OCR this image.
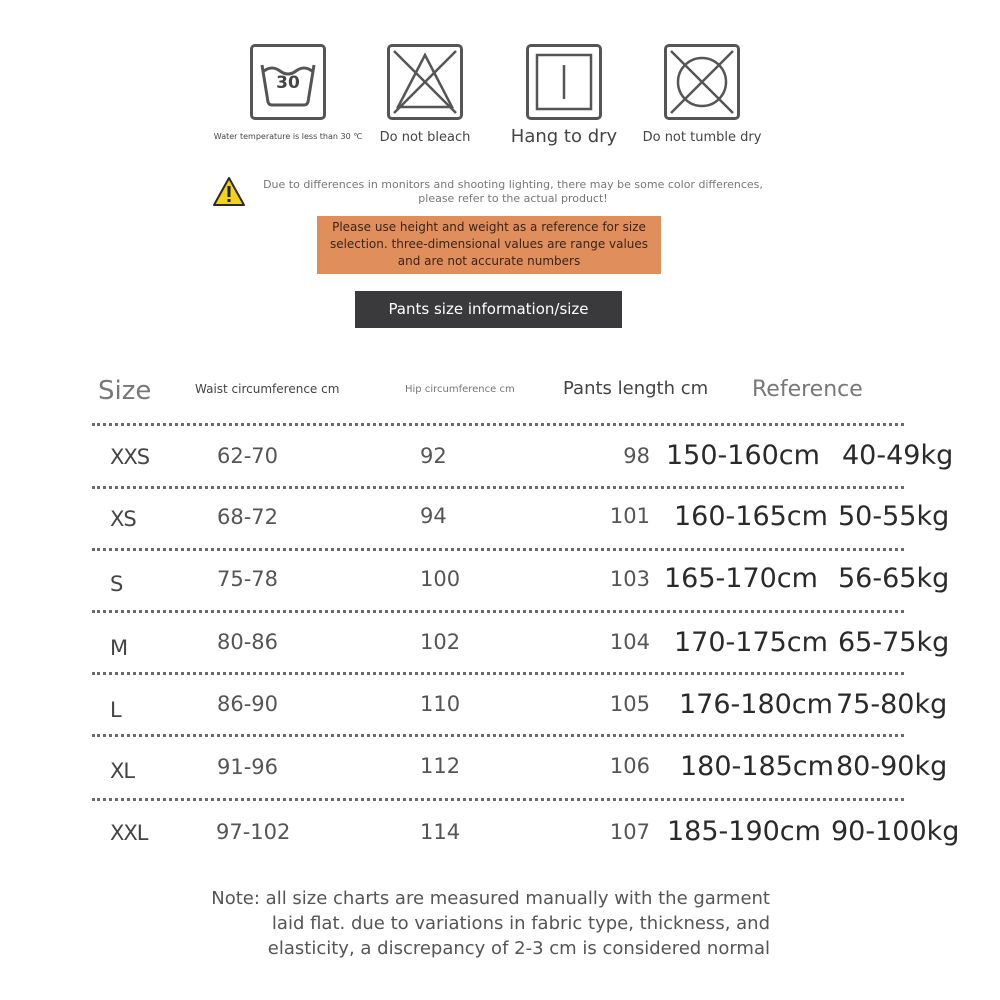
30
Water temperature is less than 30 ℃	Do not bleach	Hang to dry	Do not tumble dry
Due to differences in monitors and shooting lighting, there may be some color differences, please refer to the actual product!
Please use height and weight as a reference for size selection. three-dimensional values are range values and are not accurate numbers
Pants size information/size
Size	Waist circumference cm	Hip circumference cm	Pants length cm Reference
XXS	62-70	92	98 150-160cm 40-49kg
XS	68-72	94	101 160-165cm 50-55kg
S	75-78	100	103 165-170cm 56-65kg
M	80-86	102	104 170-175cm 65-75kg
L	86-90	110	105 176-180cm 75-80kg
XL	91-96	112	106 180-185cm 80-90kg
XXL	97-102	114	107 185-190cm 90-100kg
Note: all size charts are measured manually with the garment
laid flat. due to variations in fabric type, thickness, and
elasticity, a discrepancy of 2-3 cm is considered normal
